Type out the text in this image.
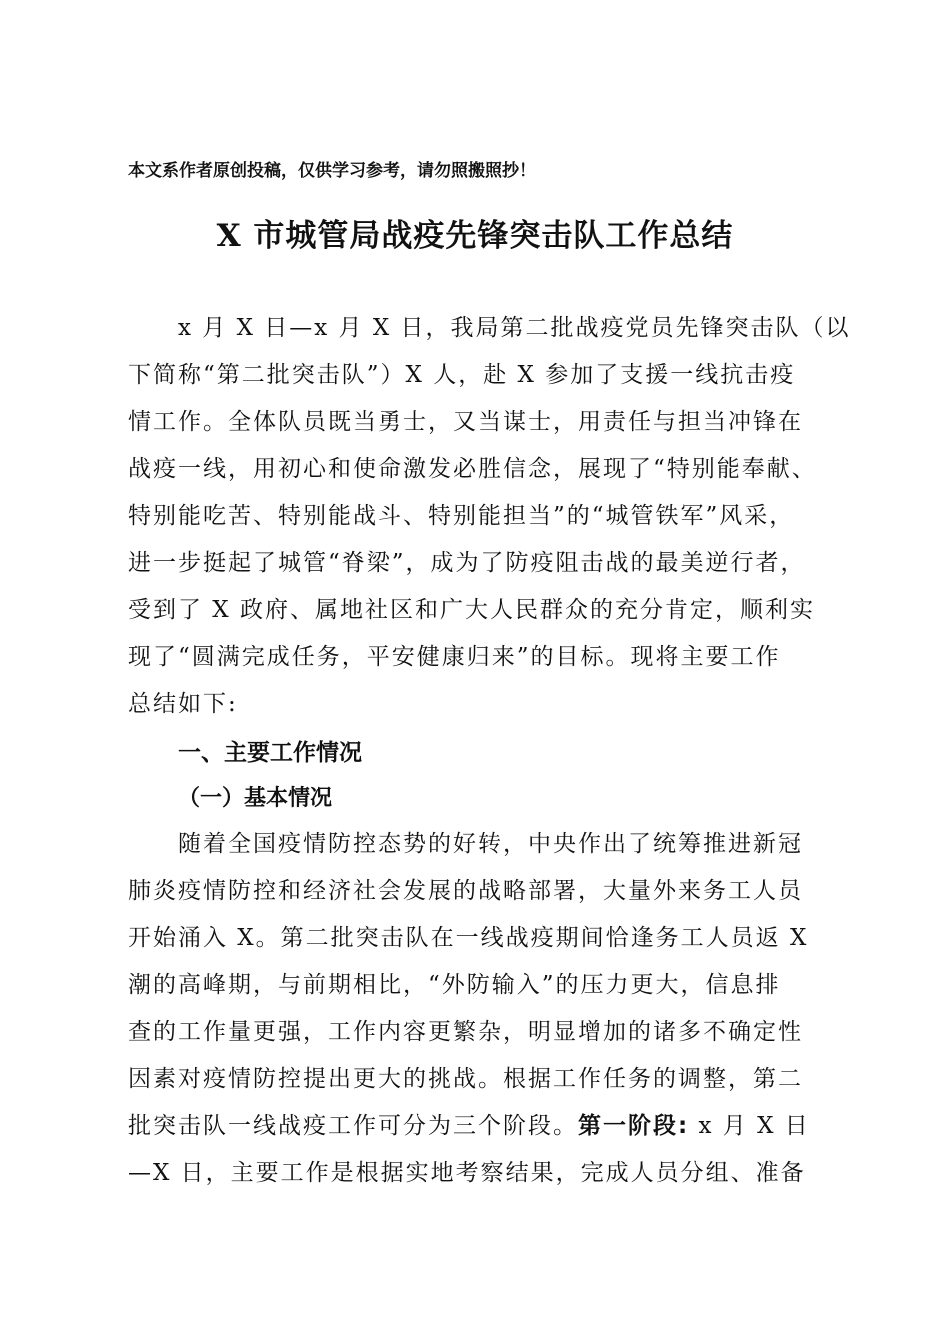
本文系作者原创投稿，仅供学习参考，请勿照搬照抄！
X 市城管局战疫先锋突击队工作总结
x 月 X 日—x 月 X 日，我局第二批战疫党员先锋突击队（以
下简称“第二批突击队”）X 人，赴 X 参加了支援一线抗击疫
情工作。全体队员既当勇士，又当谋士，用责任与担当冲锋在
战疫一线，用初心和使命激发必胜信念，展现了“特别能奉献、
特别能吃苦、特别能战斗、特别能担当”的“城管铁军”风采，
进一步挺起了城管“脊梁”，成为了防疫阻击战的最美逆行者，
受到了 X 政府、属地社区和广大人民群众的充分肯定，顺利实
现了“圆满完成任务，平安健康归来”的目标。现将主要工作
总结如下:
一、主要工作情况
（一）基本情况
随着全国疫情防控态势的好转，中央作出了统筹推进新冠
肺炎疫情防控和经济社会发展的战略部署，大量外来务工人员
开始涌入 X。第二批突击队在一线战疫期间恰逢务工人员返 X
潮的高峰期，与前期相比，“外防输入”的压力更大，信息排
查的工作量更强，工作内容更繁杂，明显增加的诸多不确定性
因素对疫情防控提出更大的挑战。根据工作任务的调整，第二
批突击队一线战疫工作可分为三个阶段。第一阶段: x 月 X 日
—X 日，主要工作是根据实地考察结果，完成人员分组、准备
